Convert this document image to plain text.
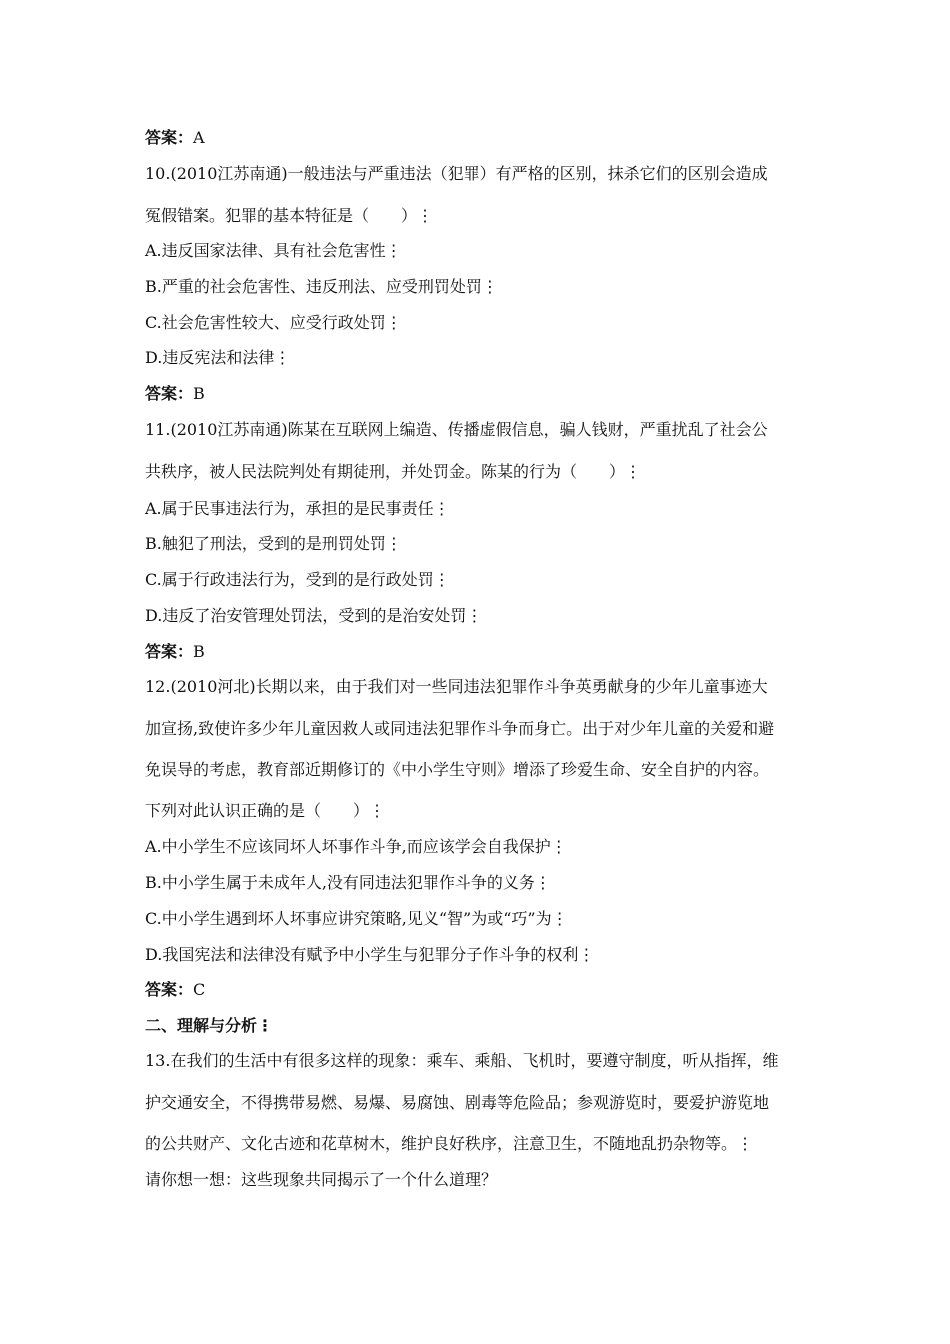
答案：A
10.(2010江苏南通)一般违法与严重违法（犯罪）有严格的区别，抹杀它们的区别会造成
冤假错案。犯罪的基本特征是（　　）⋮
A.违反国家法律、具有社会危害性⋮
B.严重的社会危害性、违反刑法、应受刑罚处罚⋮
C.社会危害性较大、应受行政处罚⋮
D.违反宪法和法律⋮
答案：B
11.(2010江苏南通)陈某在互联网上编造、传播虚假信息，骗人钱财，严重扰乱了社会公
共秩序，被人民法院判处有期徒刑，并处罚金。陈某的行为（　　）⋮
A.属于民事违法行为，承担的是民事责任⋮
B.触犯了刑法，受到的是刑罚处罚⋮
C.属于行政违法行为，受到的是行政处罚⋮
D.违反了治安管理处罚法，受到的是治安处罚⋮
答案：B
12.(2010河北)长期以来，由于我们对一些同违法犯罪作斗争英勇献身的少年儿童事迹大
加宣扬,致使许多少年儿童因救人或同违法犯罪作斗争而身亡。出于对少年儿童的关爱和避
免误导的考虑，教育部近期修订的《中小学生守则》增添了珍爱生命、安全自护的内容。
下列对此认识正确的是（　　）⋮
A.中小学生不应该同坏人坏事作斗争,而应该学会自我保护⋮
B.中小学生属于未成年人,没有同违法犯罪作斗争的义务⋮
C.中小学生遇到坏人坏事应讲究策略,见义“智”为或“巧”为⋮
D.我国宪法和法律没有赋予中小学生与犯罪分子作斗争的权利⋮
答案：C
二、理解与分析⋮
13.在我们的生活中有很多这样的现象：乘车、乘船、飞机时，要遵守制度，听从指挥，维
护交通安全，不得携带易燃、易爆、易腐蚀、剧毒等危险品；参观游览时，要爱护游览地
的公共财产、文化古迹和花草树木，维护良好秩序，注意卫生，不随地乱扔杂物等。⋮
请你想一想：这些现象共同揭示了一个什么道理？
